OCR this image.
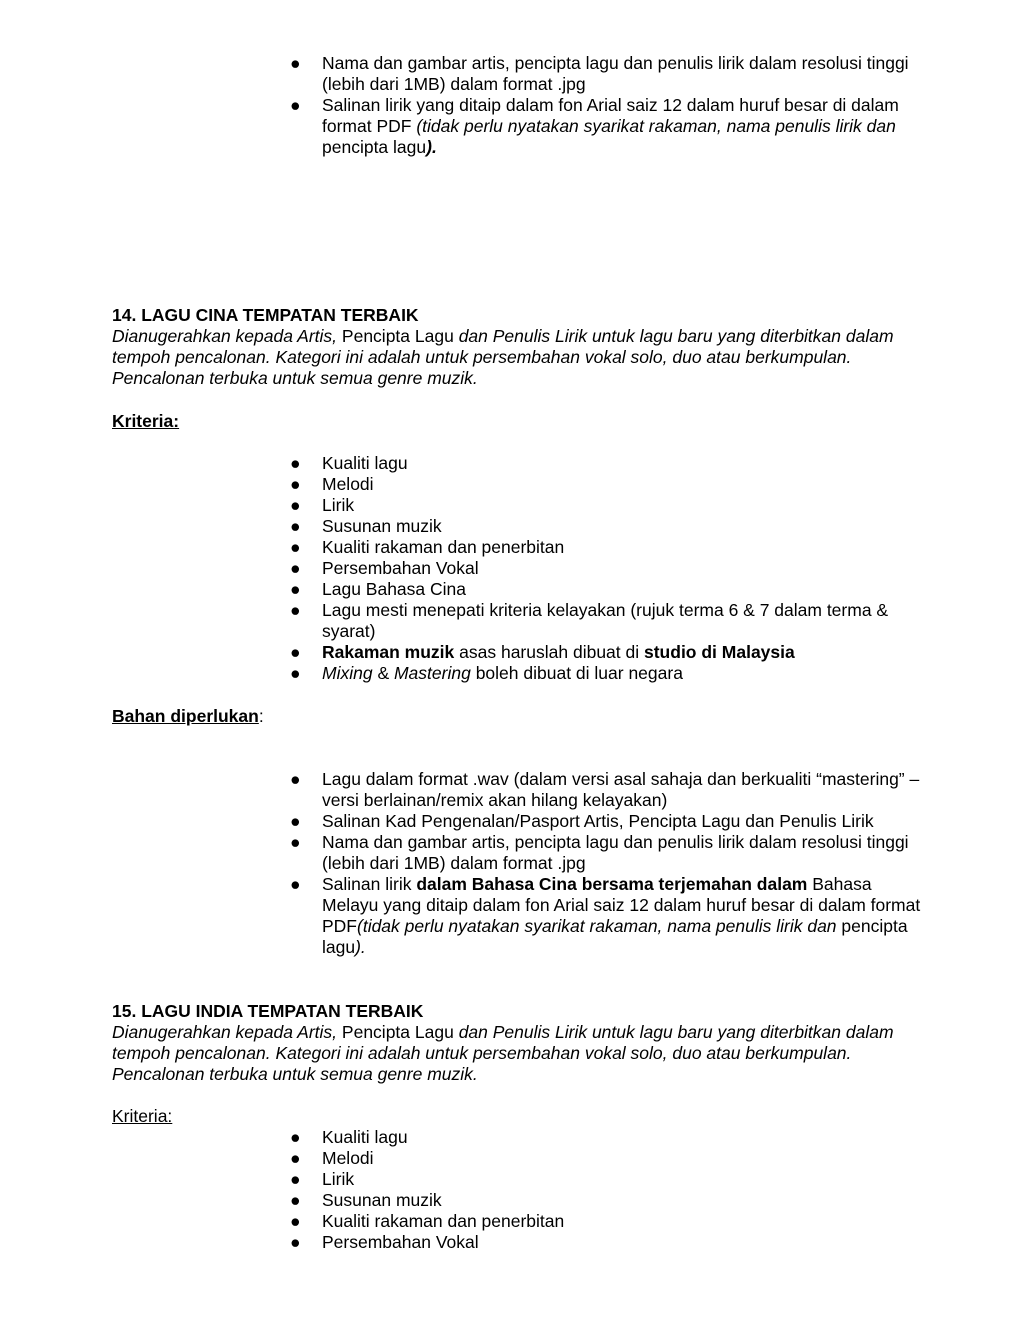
● Nama dan gambar artis, pencipta lagu dan penulis lirik dalam resolusi tinggi (lebih dari 1MB) dalam format .jpg
● Salinan lirik yang ditaip dalam fon Arial saiz 12 dalam huruf besar di dalam format PDF (tidak perlu nyatakan syarikat rakaman, nama penulis lirik dan pencipta lagu).

14. LAGU CINA TEMPATAN TERBAIK

Dianugerahkan kepada Artis, Pencipta Lagu dan Penulis Lirik untuk lagu baru yang diterbitkan dalam tempoh pencalonan. Kategori ini adalah untuk persembahan vokal solo, duo atau berkumpulan. Pencalonan terbuka untuk semua genre muzik.

Kriteria:

● Kualiti lagu
● Melodi
● Lirik
● Susunan muzik
● Kualiti rakaman dan penerbitan
● Persembahan Vokal
● Lagu Bahasa Cina
● Lagu mesti menepati kriteria kelayakan (rujuk terma 6 & 7 dalam terma & syarat)
● Rakaman muzik asas haruslah dibuat di studio di Malaysia
● Mixing & Mastering boleh dibuat di luar negara

Bahan diperlukan:

● Lagu dalam format .wav (dalam versi asal sahaja dan berkualiti “mastering” – versi berlainan/remix akan hilang kelayakan)
● Salinan Kad Pengenalan/Pasport Artis, Pencipta Lagu dan Penulis Lirik
● Nama dan gambar artis, pencipta lagu dan penulis lirik dalam resolusi tinggi (lebih dari 1MB) dalam format .jpg
● Salinan lirik dalam Bahasa Cina bersama terjemahan dalam Bahasa Melayu yang ditaip dalam fon Arial saiz 12 dalam huruf besar di dalam format PDF(tidak perlu nyatakan syarikat rakaman, nama penulis lirik dan pencipta lagu).

15. LAGU INDIA TEMPATAN TERBAIK

Dianugerahkan kepada Artis, Pencipta Lagu dan Penulis Lirik untuk lagu baru yang diterbitkan dalam tempoh pencalonan. Kategori ini adalah untuk persembahan vokal solo, duo atau berkumpulan. Pencalonan terbuka untuk semua genre muzik.

Kriteria:

● Kualiti lagu
● Melodi
● Lirik
● Susunan muzik
● Kualiti rakaman dan penerbitan
● Persembahan Vokal
